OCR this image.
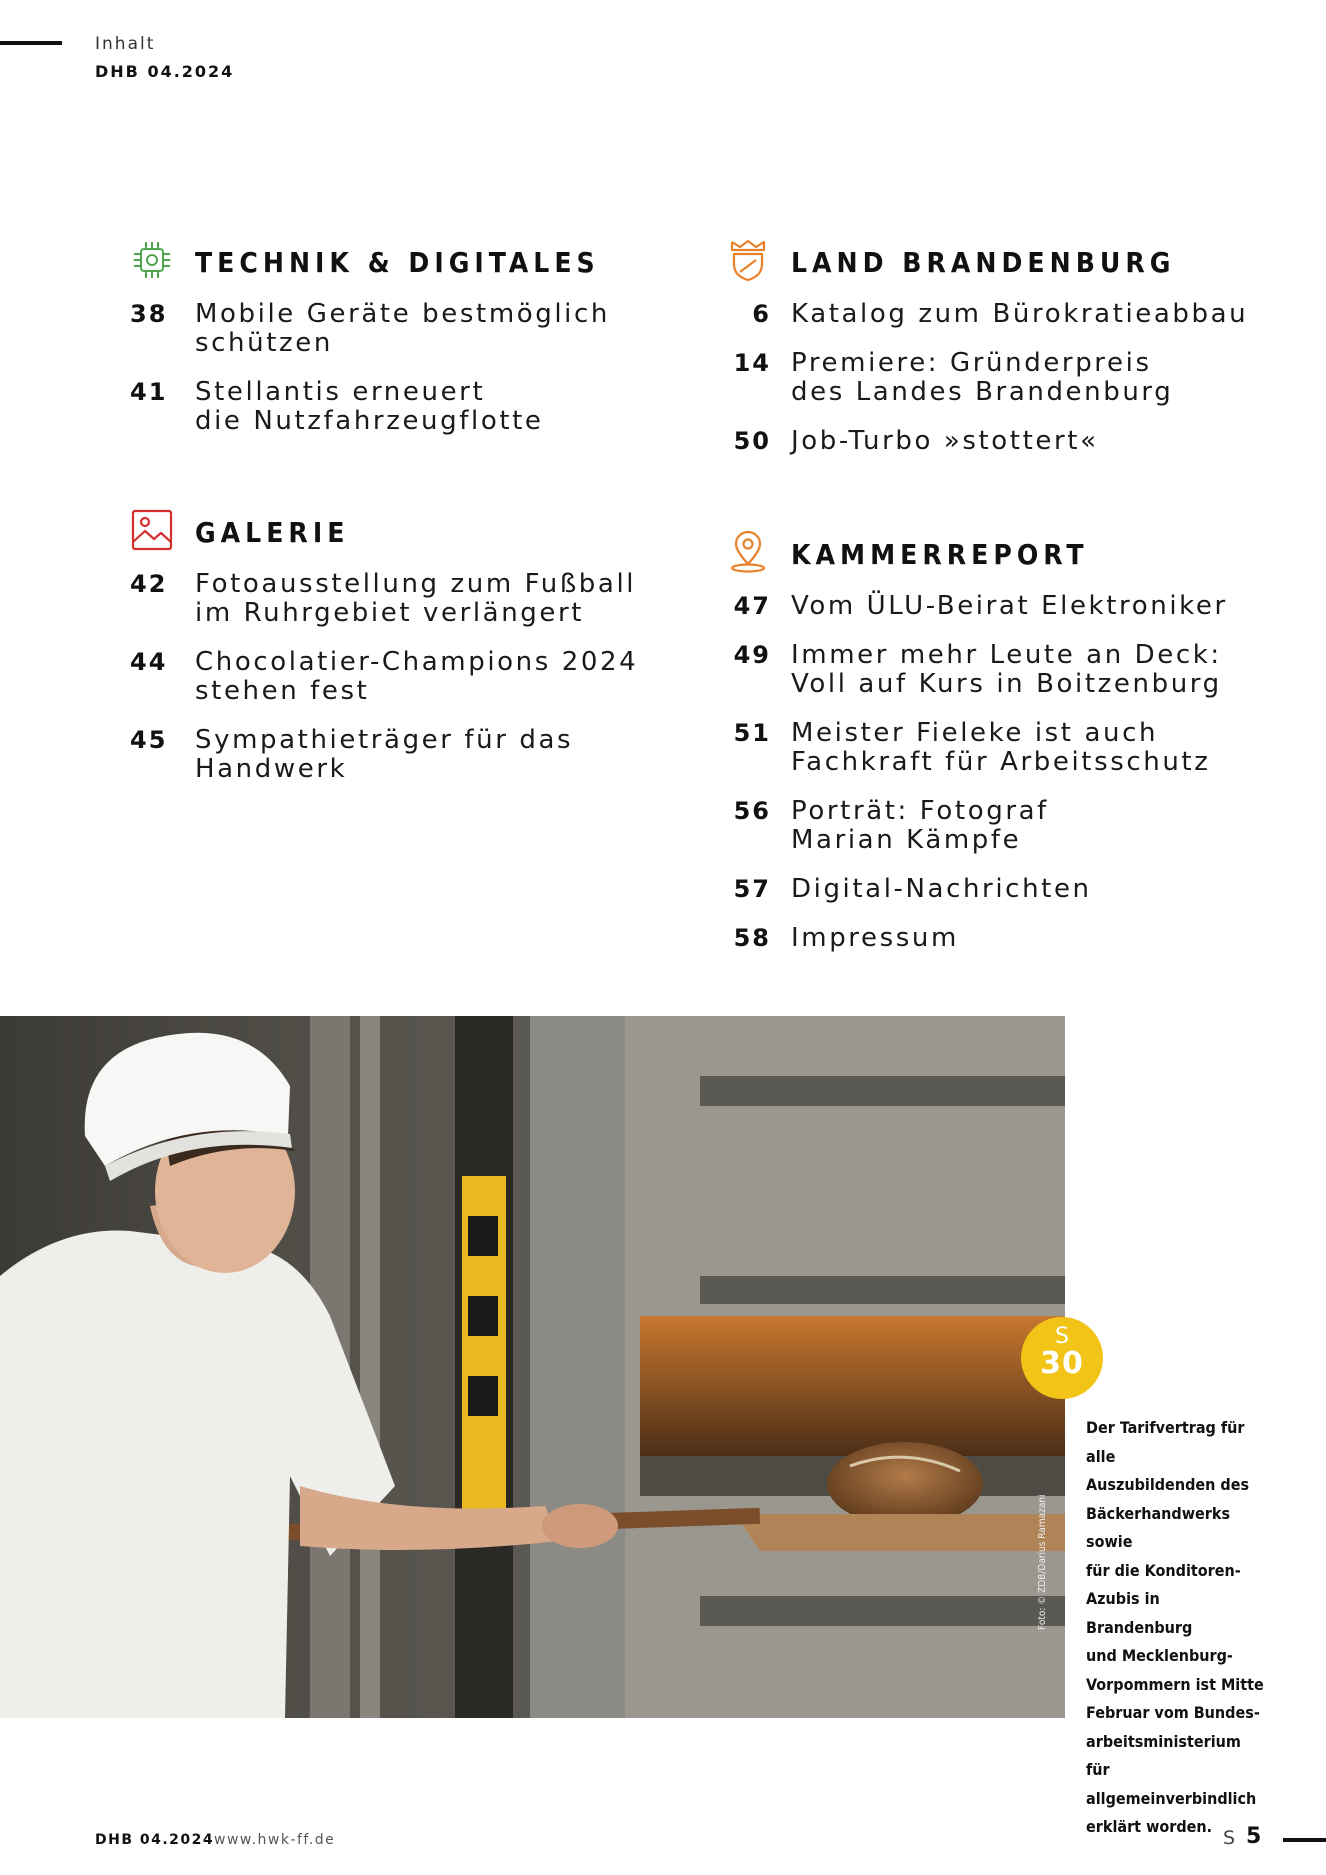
Inhalt
DHB 04.2024
TECHNIK & DIGITALES
38	Mobile Geräte bestmöglich
schützen
41	Stellantis erneuert
die Nutzfahrzeugflotte
GALERIE
42	Fotoausstellung zum Fußball
im Ruhrgebiet verlängert
44	Chocolatier-Champions 2024
stehen fest
45	Sympathieträger für das
Handwerk
LAND BRANDENBURG
6 Katalog zum Bürokratieabbau
14 Premiere: Gründerpreis
des Landes Brandenburg
50 Job-Turbo »stottert«
KAMMERREPORT
47 Vom ÜLU-Beirat Elektroniker
49 Immer mehr Leute an Deck:
Voll auf Kurs in Boitzenburg
51 Meister Fieleke ist auch
Fachkraft für Arbeitsschutz
56 Porträt: Fotograf
Marian Kämpfe
57 Digital-Nachrichten
58 Impressum
Foto: © ZDB/Darius Ramazani
S
30
Der Tarifvertrag für alle
Auszubildenden des
Bäckerhandwerks sowie
für die Konditoren-
Azubis in Brandenburg
und Mecklenburg-
Vorpommern ist Mitte
Februar vom Bundes-
arbeitsministerium für
allgemeinverbindlich
erklärt worden.
DHB 04.2024 www.hwk-ff.de	S 5
